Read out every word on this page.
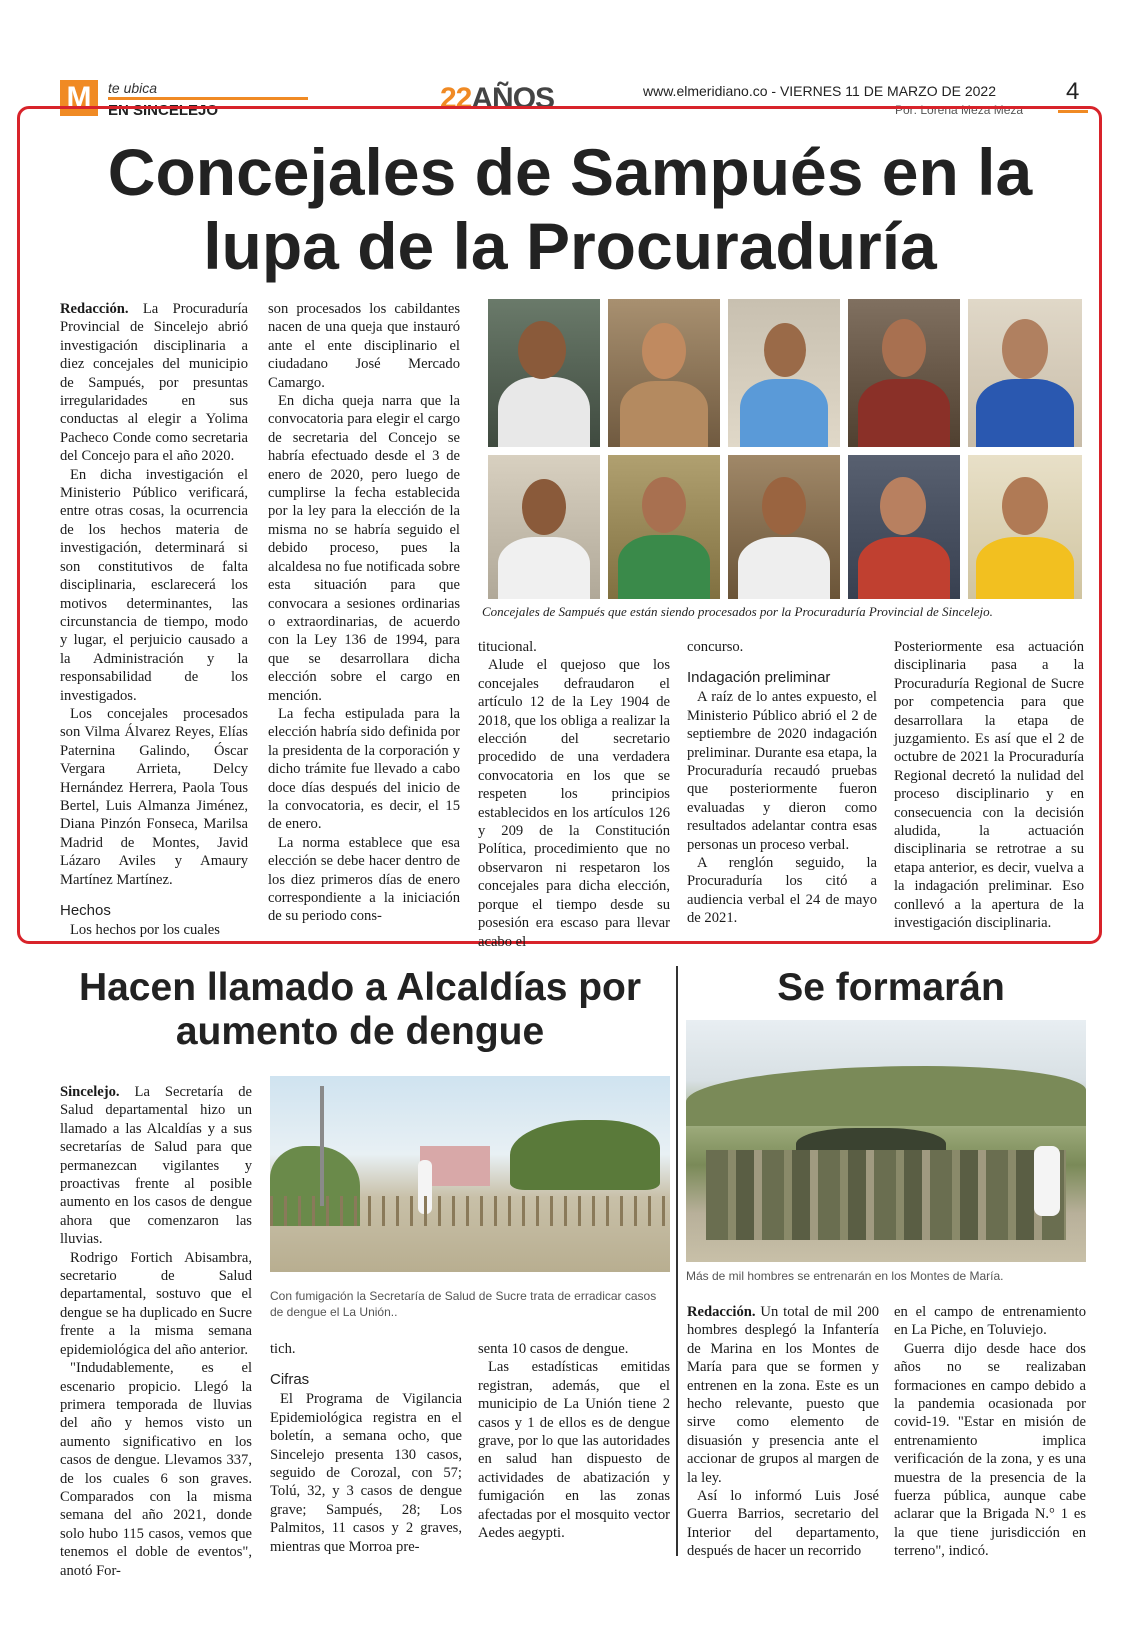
M	te ubica
EN SINCELEJO	22AÑOS	www.elmeridiano.co - VIERNES 11 DE MARZO DE 2022	4
Por: Lorena Meza Meza
Concejales de Sampués en la lupa de la Procuraduría

Redacción. La Procuraduría Provincial de Sincelejo abrió investigación disciplinaria a diez concejales del municipio de Sampués, por presuntas irregularidades en sus conductas al elegir a Yolima Pacheco Conde como secretaria del Concejo para el año 2020.

En dicha investigación el Ministerio Público verificará, entre otras cosas, la ocurrencia de los hechos materia de investigación, determinará si son constitutivos de falta disciplinaria, esclarecerá los motivos determinantes, las circunstancia de tiempo, modo y lugar, el perjuicio causado a la Administración y la responsabilidad de los investigados.

Los concejales procesados son Vilma Álvarez Reyes, Elías Paternina Galindo, Óscar Vergara Arrieta, Delcy Hernández Herrera, Paola Tous Bertel, Luis Almanza Jiménez, Diana Pinzón Fonseca, Marilsa Madrid de Montes, Javid Lázaro Aviles y Amaury Martínez Martínez.

Hechos

Los hechos por los cuales

son procesados los cabildantes nacen de una queja que instauró ante el ente disciplinario el ciudadano José Mercado Camargo.

En dicha queja narra que la convocatoria para elegir el cargo de secretaria del Concejo se habría efectuado desde el 3 de enero de 2020, pero luego de cumplirse la fecha establecida por la ley para la elección de la misma no se habría seguido el debido proceso, pues la alcaldesa no fue notificada sobre esta situación para que convocara a sesiones ordinarias o extraordinarias, de acuerdo con la Ley 136 de 1994, para que se desarrollara dicha elección sobre el cargo en mención.

La fecha estipulada para la elección habría sido definida por la presidenta de la corporación y dicho trámite fue llevado a cabo doce días después del inicio de la convocatoria, es decir, el 15 de enero.

La norma establece que esa elección se debe hacer dentro de los diez primeros días de enero correspondiente a la iniciación de su periodo cons-

Concejales de Sampués que están siendo procesados por la Procuraduría Provincial de Sincelejo.

titucional.

Alude el quejoso que los concejales defraudaron el artículo 12 de la Ley 1904 de 2018, que los obliga a realizar la elección del secretario procedido de una verdadera convocatoria en los que se respeten los principios establecidos en los artículos 126 y 209 de la Constitución Política, procedimiento que no observaron ni respetaron los concejales para dicha elección, porque el tiempo desde su posesión era escaso para llevar acabo el

concurso.

Indagación preliminar

A raíz de lo antes expuesto, el Ministerio Público abrió el 2 de septiembre de 2020 indagación preliminar. Durante esa etapa, la Procuraduría recaudó pruebas que posteriormente fueron evaluadas y dieron como resultados adelantar contra esas personas un proceso verbal.

A renglón seguido, la Procuraduría los citó a audiencia verbal el 24 de mayo de 2021.

Posteriormente esa actuación disciplinaria pasa a la Procuraduría Regional de Sucre por competencia para que desarrollara la etapa de juzgamiento. Es así que el 2 de octubre de 2021 la Procuraduría Regional decretó la nulidad del proceso disciplinario y en consecuencia con la decisión aludida, la actuación disciplinaria se retrotrae a su etapa anterior, es decir, vuelva a la indagación preliminar. Eso conllevó a la apertura de la investigación disciplinaria.

Hacen llamado a Alcaldías por aumento de dengue

Sincelejo. La Secretaría de Salud departamental hizo un llamado a las Alcaldías y a sus secretarías de Salud para que permanezcan vigilantes y proactivas frente al posible aumento en los casos de dengue ahora que comenzaron las lluvias.

Rodrigo Fortich Abisambra, secretario de Salud departamental, sostuvo que el dengue se ha duplicado en Sucre frente a la misma semana epidemiológica del año anterior.

"Indudablemente, es el escenario propicio. Llegó la primera temporada de lluvias del año y hemos visto un aumento significativo en los casos de dengue. Llevamos 337, de los cuales 6 son graves. Comparados con la misma semana del año 2021, donde solo hubo 115 casos, vemos que tenemos el doble de eventos", anotó For-

Con fumigación la Secretaría de Salud de Sucre trata de erradicar casos de dengue el La Unión..

tich.

Cifras

El Programa de Vigilancia Epidemiológica registra en el boletín, a semana ocho, que Sincelejo presenta 130 casos, seguido de Corozal, con 57; Tolú, 32, y 3 casos de dengue grave; Sampués, 28; Los Palmitos, 11 casos y 2 graves, mientras que Morroa pre-

senta 10 casos de dengue.

Las estadísticas emitidas registran, además, que el municipio de La Unión tiene 2 casos y 1 de ellos es de dengue grave, por lo que las autoridades en salud han dispuesto de actividades de abatización y fumigación en las zonas afectadas por el mosquito vector Aedes aegypti.

Se formarán
Más de mil hombres se entrenarán en los Montes de María.

Redacción. Un total de mil 200 hombres desplegó la Infantería de Marina en los Montes de María para que se formen y entrenen en la zona. Este es un hecho relevante, puesto que sirve como elemento de disuasión y presencia ante el accionar de grupos al margen de la ley.

Así lo informó Luis José Guerra Barrios, secretario del Interior del departamento, después de hacer un recorrido

en el campo de entrenamiento en La Piche, en Toluviejo.

Guerra dijo desde hace dos años no se realizaban formaciones en campo debido a la pandemia ocasionada por covid-19. "Estar en misión de entrenamiento implica verificación de la zona, y es una muestra de la presencia de la fuerza pública, aunque cabe aclarar que la Brigada N.° 1 es la que tiene jurisdicción en terreno", indicó.
